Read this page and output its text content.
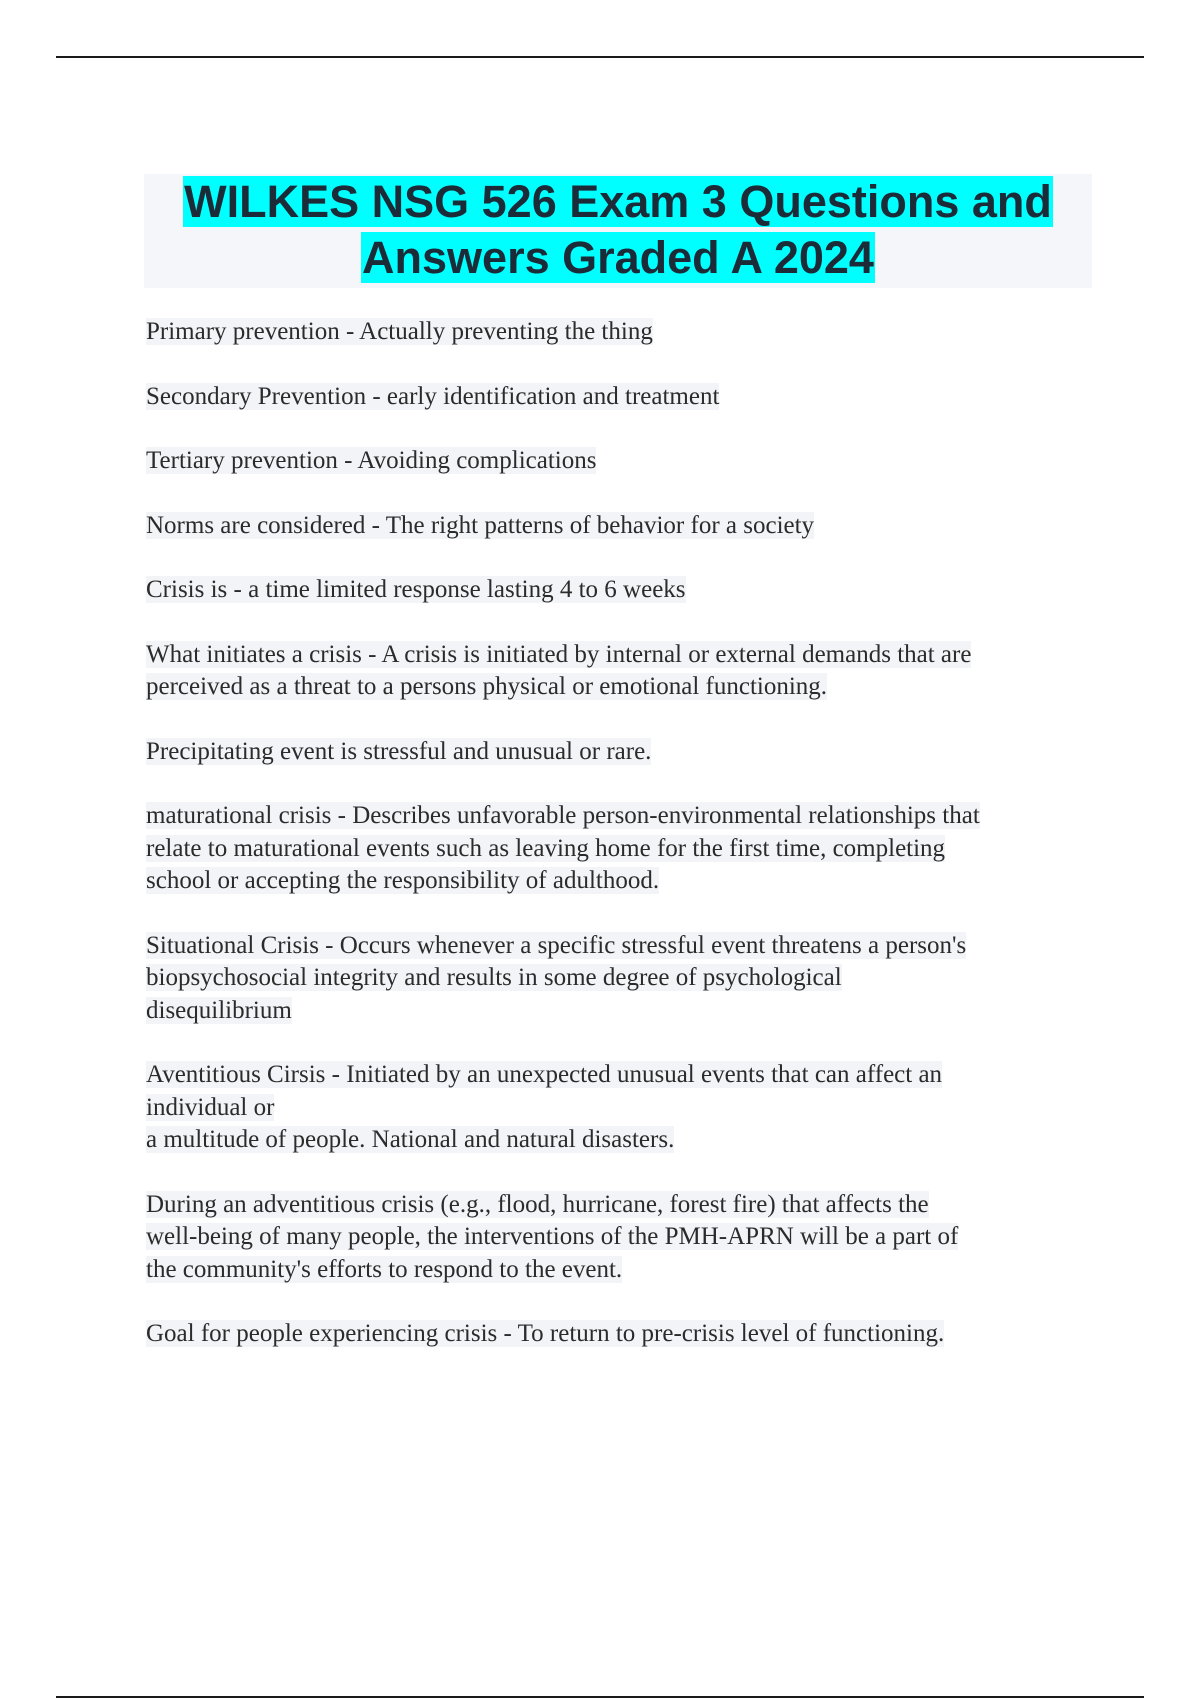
WILKES NSG 526 Exam 3 Questions and
Answers Graded A 2024
Primary prevention - Actually preventing the thing
Secondary Prevention - early identification and treatment
Tertiary prevention - Avoiding complications
Norms are considered - The right patterns of behavior for a society
Crisis is - a time limited response lasting 4 to 6 weeks
What initiates a crisis - A crisis is initiated by internal or external demands that are
perceived as a threat to a persons physical or emotional functioning.
Precipitating event is stressful and unusual or rare.
maturational crisis - Describes unfavorable person-environmental relationships that
relate to maturational events such as leaving home for the first time, completing
school or accepting the responsibility of adulthood.
Situational Crisis - Occurs whenever a specific stressful event threatens a person's
biopsychosocial integrity and results in some degree of psychological
disequilibrium
Aventitious Cirsis - Initiated by an unexpected unusual events that can affect an
individual or
a multitude of people. National and natural disasters.
During an adventitious crisis (e.g., flood, hurricane, forest fire) that affects the
well-being of many people, the interventions of the PMH-APRN will be a part of
the community's efforts to respond to the event.
Goal for people experiencing crisis - To return to pre-crisis level of functioning.
